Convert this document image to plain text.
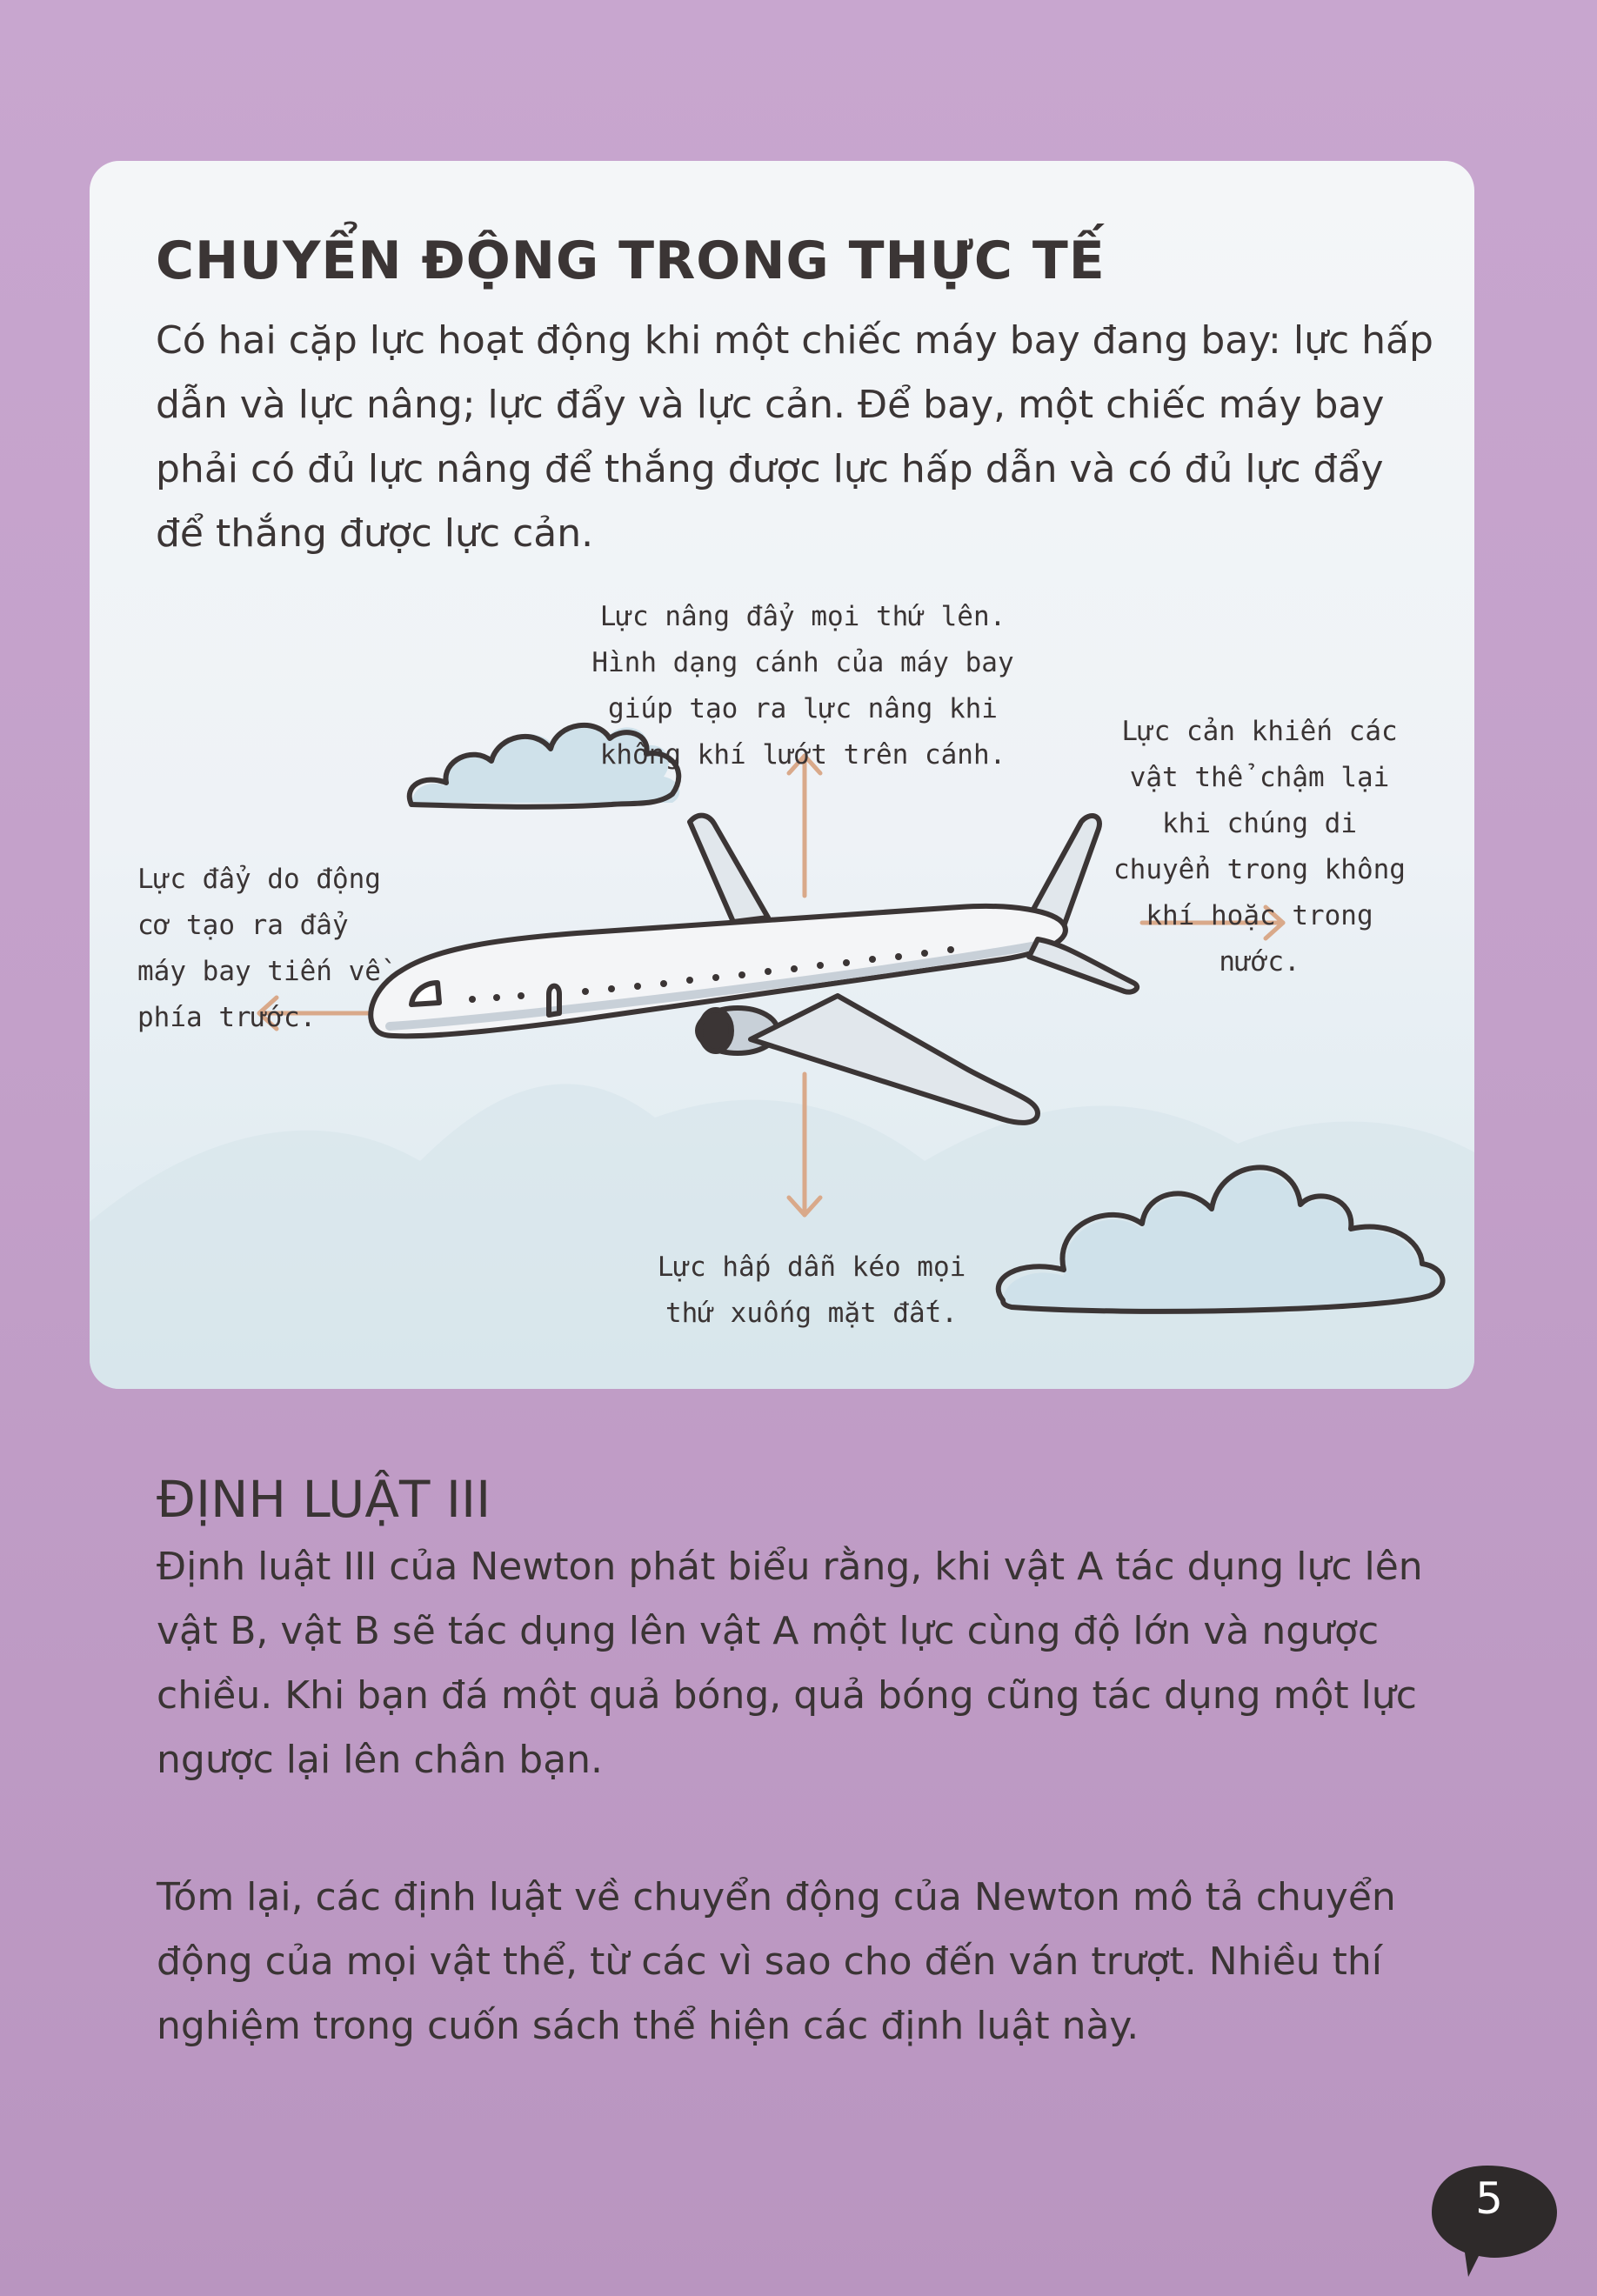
CHUYỂN ĐỘNG TRONG THỰC TẾ
Có hai cặp lực hoạt động khi một chiếc máy bay đang bay: lực hấp dẫn và lực nâng; lực đẩy và lực cản. Để bay, một chiếc máy bay phải có đủ lực nâng để thắng được lực hấp dẫn và có đủ lực đẩy để thắng được lực cản.
Lực nâng đẩy mọi thứ lên. Hình dạng cánh của máy bay giúp tạo ra lực nâng khi không khí lướt trên cánh.
Lực cản khiến các vật thể chậm lại khi chúng di chuyển trong không khí hoặc trong nước.
Lực đẩy do động cơ tạo ra đẩy máy bay tiến về phía trước.
Lực hấp dẫn kéo mọi thứ xuống mặt đất.
ĐỊNH LUẬT III
Định luật III của Newton phát biểu rằng, khi vật A tác dụng lực lên vật B, vật B sẽ tác dụng lên vật A một lực cùng độ lớn và ngược chiều. Khi bạn đá một quả bóng, quả bóng cũng tác dụng một lực ngược lại lên chân bạn.
Tóm lại, các định luật về chuyển động của Newton mô tả chuyển động của mọi vật thể, từ các vì sao cho đến ván trượt. Nhiều thí nghiệm trong cuốn sách thể hiện các định luật này.
5
